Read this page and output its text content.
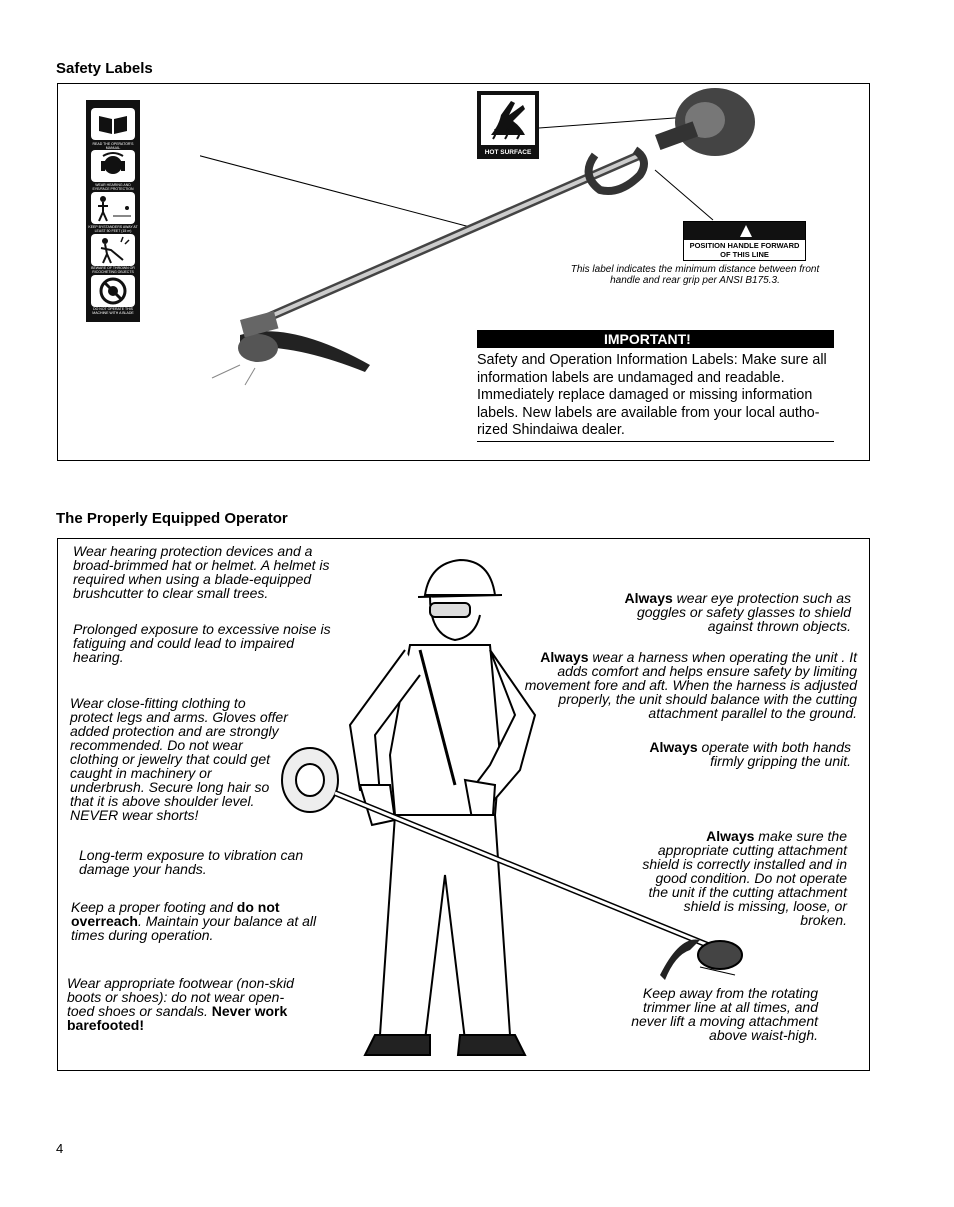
Safety Labels
READ THE OPERATOR'S MANUAL
WEAR HEARING AND EYE/FACE PROTECTION
KEEP BYSTANDERS AWAY AT LEAST 50 FEET (15 m)
BEWARE OF THROWN OR RICOCHETING OBJECTS
DO NOT OPERATE THIS MACHINE WITH A BLADE
HOT SURFACE
POSITION HANDLE FORWARD OF THIS LINE
This label indicates the minimum distance between front handle and rear grip per ANSI B175.3.
IMPORTANT!
Safety and Operation Information Labels: Make sure all information labels are undamaged and readable. Immediately replace damaged or missing information labels. New labels are available from your local autho-rized Shindaiwa dealer.
The Properly Equipped Operator
Wear hearing protection devices and a broad-brimmed hat or helmet. A helmet is required when using a blade-equipped brushcutter to clear small trees.
Prolonged exposure to excessive noise is fatiguing and could lead to impaired hearing.
Wear close-fitting clothing to protect legs and arms. Gloves offer added protection and are strongly recommended. Do not wear clothing or jewelry that could get caught in machinery or underbrush. Secure long hair so that it is above shoulder level. NEVER wear shorts!
Long-term exposure to vibration can damage your hands.
Keep a proper footing and do not overreach. Maintain your balance at all times during operation.
Wear appropriate footwear (non-skid boots or shoes): do not wear open-toed shoes or sandals. Never work barefooted!
Always wear eye protection such as goggles or safety glasses to shield against thrown objects.
Always wear a harness when operating the unit . It adds comfort and helps ensure safety by limiting movement fore and aft. When the harness is adjusted properly, the unit should balance with the cutting attachment parallel to the ground.
Always operate with both hands firmly gripping the unit.
Always make sure the appropriate cutting attachment shield is correctly installed and in good condition. Do not operate the unit if the cutting attachment shield is missing, loose, or broken.
Keep away from the rotating trimmer line at all times, and never lift a moving attachment above waist-high.
4
